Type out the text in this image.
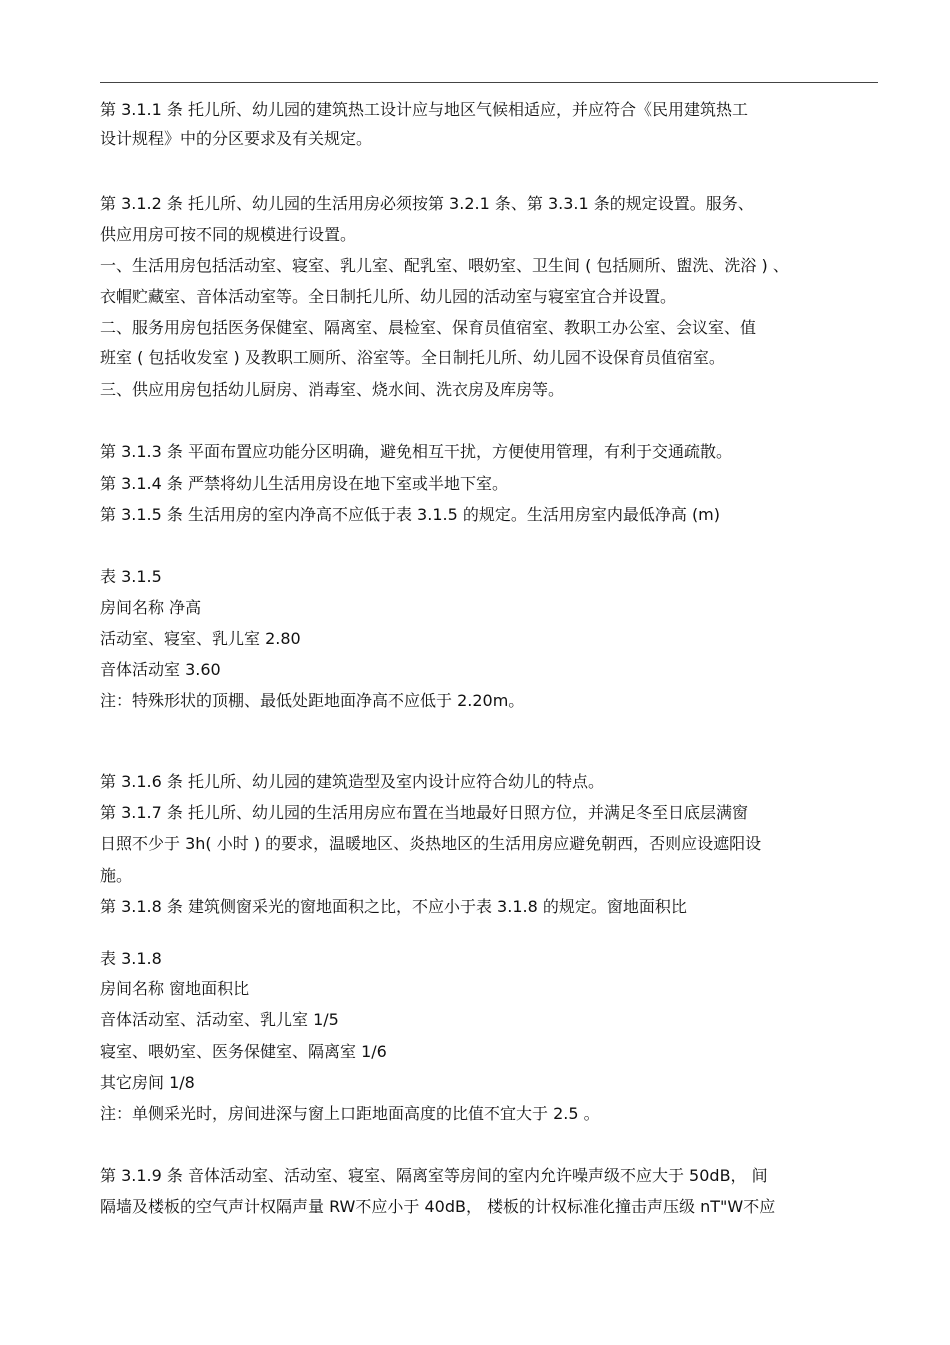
第 3.1.1 条 托儿所、幼儿园的建筑热工设计应与地区气候相适应，并应符合《民用建筑热工
设计规程》中的分区要求及有关规定。
第 3.1.2 条 托儿所、幼儿园的生活用房必须按第 3.2.1 条、第 3.3.1 条的规定设置。服务、
供应用房可按不同的规模进行设置。
一、生活用房包括活动室、寝室、乳儿室、配乳室、喂奶室、卫生间 ( 包括厕所、盥洗、洗浴 ) 、
衣帽贮藏室、音体活动室等。全日制托儿所、幼儿园的活动室与寝室宜合并设置。
二、服务用房包括医务保健室、隔离室、晨检室、保育员值宿室、教职工办公室、会议室、值
班室 ( 包括收发室 ) 及教职工厕所、浴室等。全日制托儿所、幼儿园不设保育员值宿室。
三、供应用房包括幼儿厨房、消毒室、烧水间、洗衣房及库房等。
第 3.1.3 条 平面布置应功能分区明确，避免相互干扰，方便使用管理，有利于交通疏散。
第 3.1.4 条 严禁将幼儿生活用房设在地下室或半地下室。
第 3.1.5 条 生活用房的室内净高不应低于表 3.1.5 的规定。生活用房室内最低净高 (m)
表 3.1.5
房间名称 净高
活动室、寝室、乳儿室 2.80
音体活动室 3.60
注：特殊形状的顶棚、最低处距地面净高不应低于 2.20m。
第 3.1.6 条 托儿所、幼儿园的建筑造型及室内设计应符合幼儿的特点。
第 3.1.7 条 托儿所、幼儿园的生活用房应布置在当地最好日照方位，并满足冬至日底层满窗
日照不少于 3h( 小时 ) 的要求，温暖地区、炎热地区的生活用房应避免朝西，否则应设遮阳设
施。
第 3.1.8 条 建筑侧窗采光的窗地面积之比，不应小于表 3.1.8 的规定。窗地面积比
表 3.1.8
房间名称 窗地面积比
音体活动室、活动室、乳儿室 1/5
寝室、喂奶室、医务保健室、隔离室 1/6
其它房间 1/8
注：单侧采光时，房间进深与窗上口距地面高度的比值不宜大于 2.5 。
第 3.1.9 条 音体活动室、活动室、寝室、隔离室等房间的室内允许噪声级不应大于 50dB， 间
隔墙及楼板的空气声计权隔声量 RW不应小于 40dB， 楼板的计权标准化撞击声压级 nT"W不应
